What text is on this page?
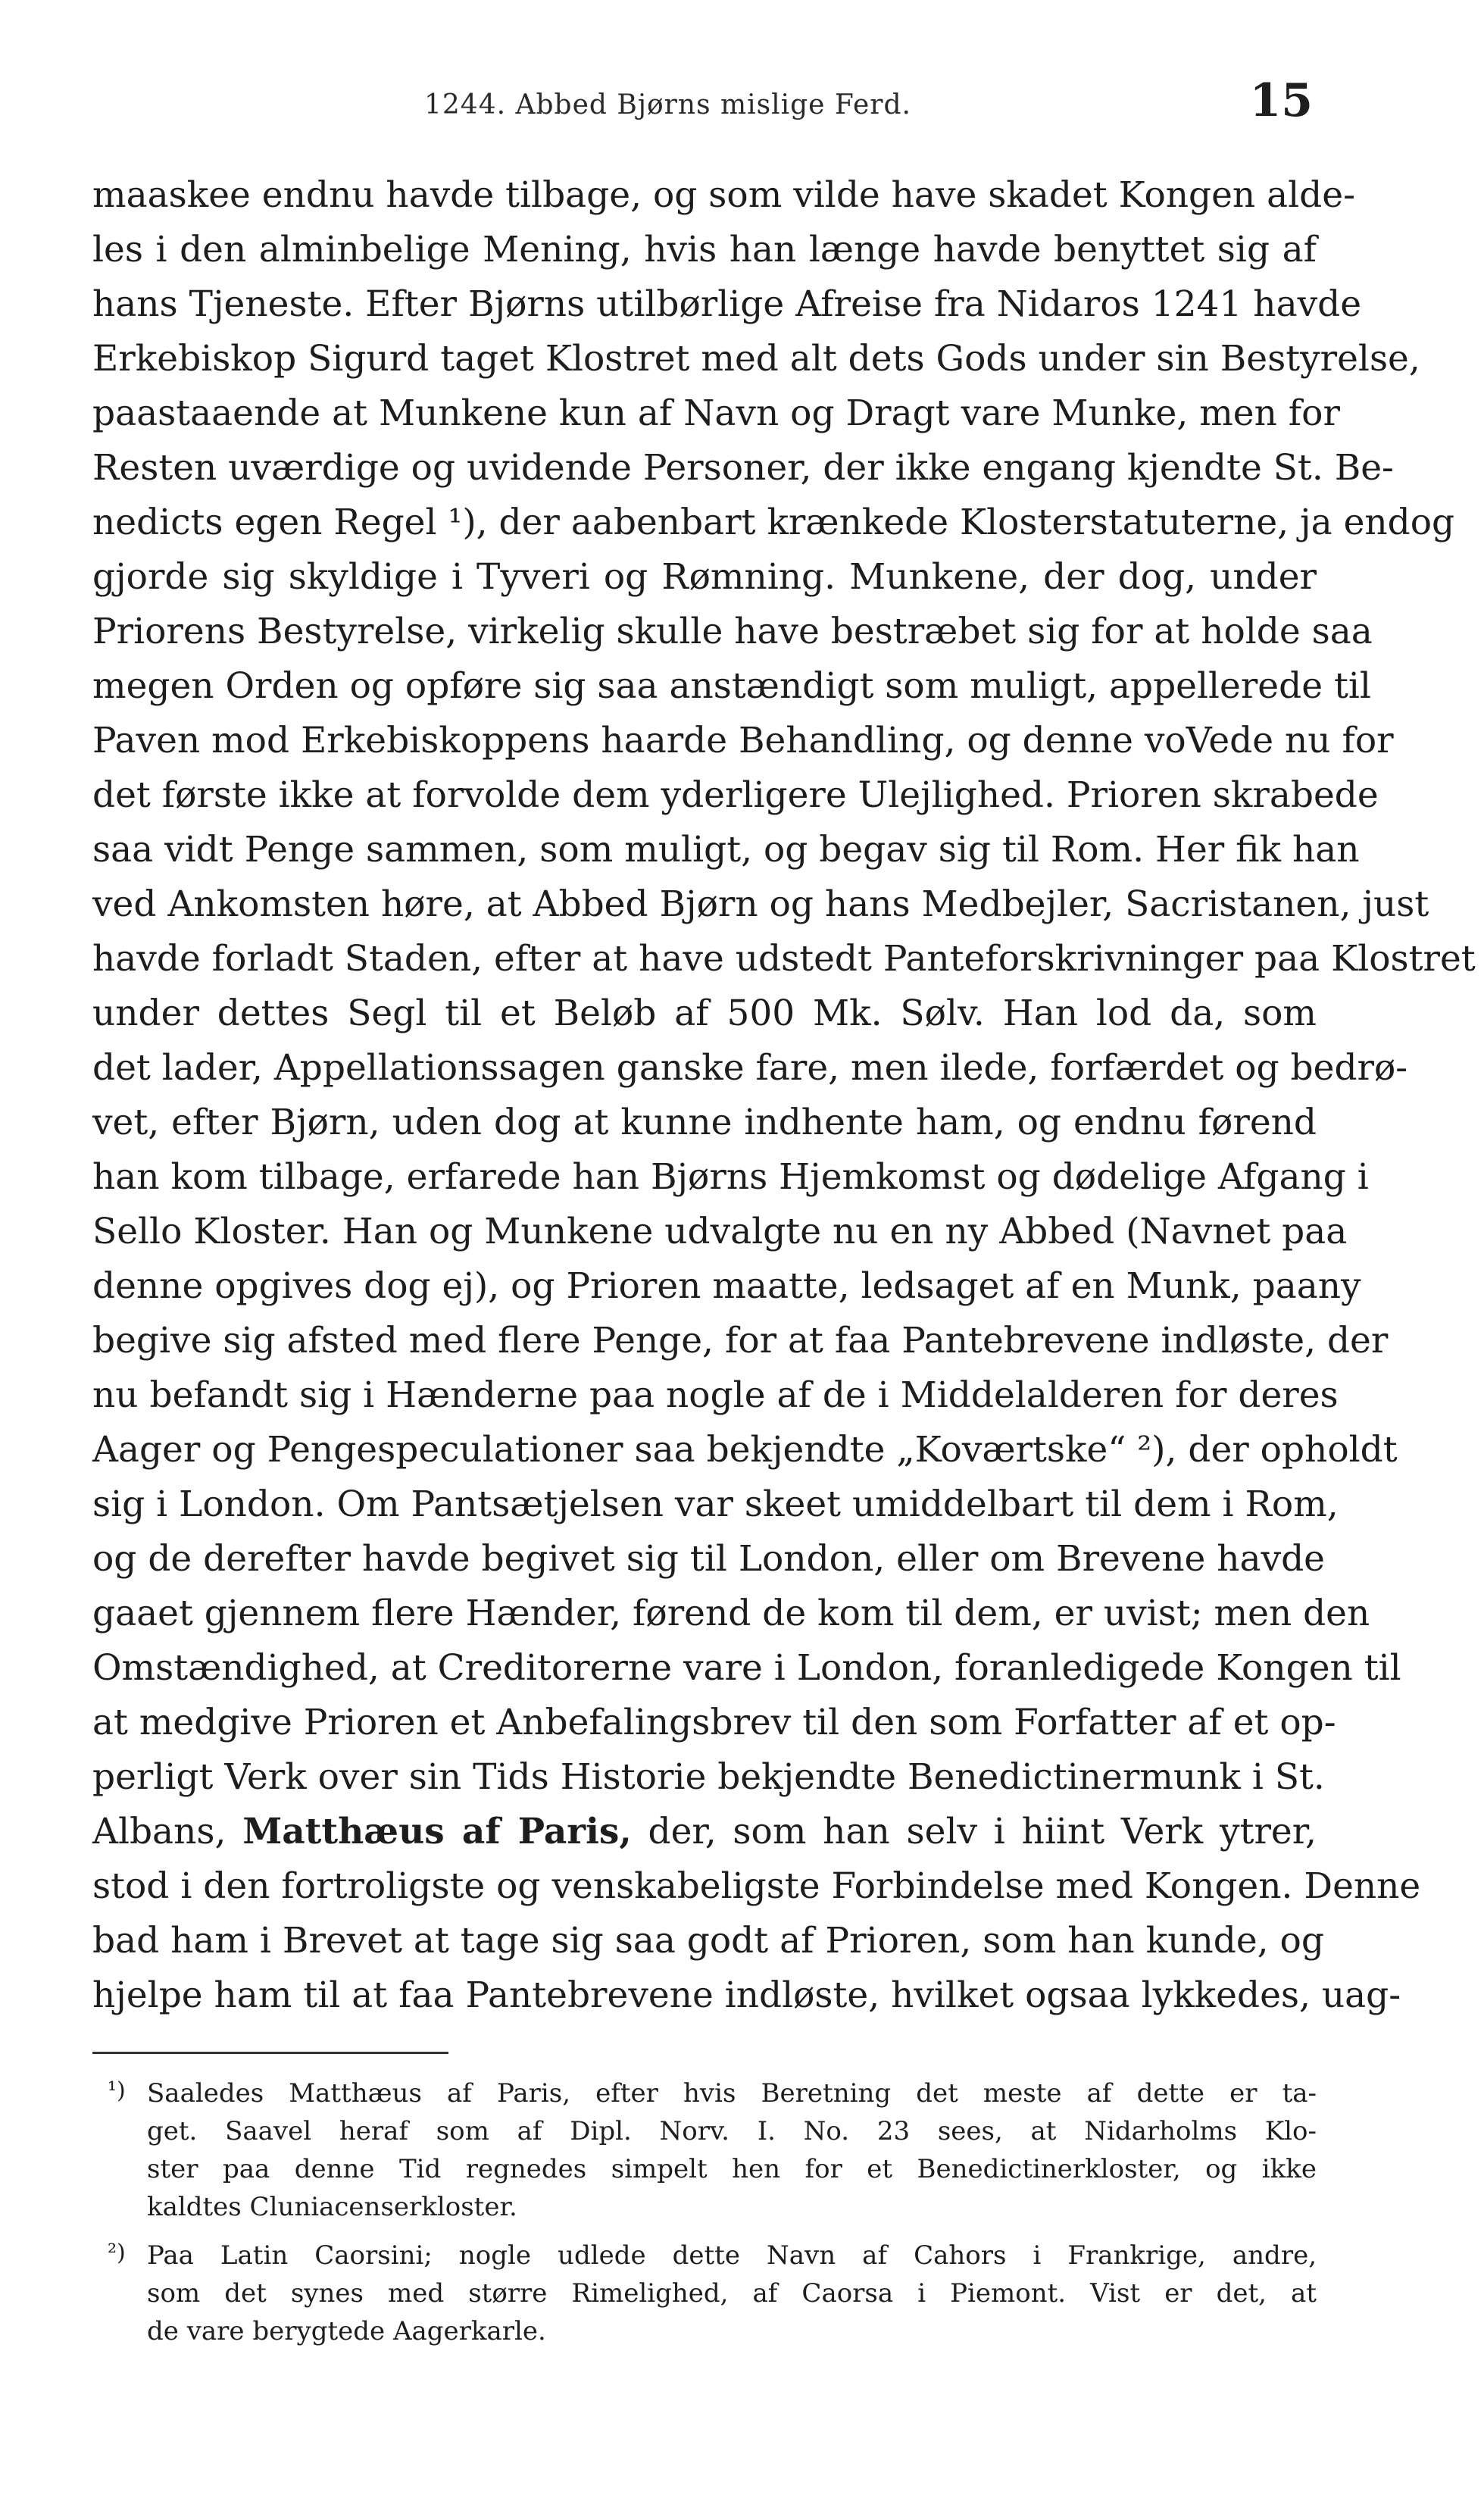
1244. Abbed Bjørns mislige Ferd.	15
maaskee endnu havde tilbage, og som vilde have skadet Kongen alde-
les i den alminbelige Mening, hvis han længe havde benyttet sig af
hans Tjeneste. Efter Bjørns utilbørlige Afreise fra Nidaros 1241 havde
Erkebiskop Sigurd taget Klostret med alt dets Gods under sin Bestyrelse,
paastaaende at Munkene kun af Navn og Dragt vare Munke, men for
Resten uværdige og uvidende Personer, der ikke engang kjendte St. Be-
nedicts egen Regel ¹), der aabenbart krænkede Klosterstatuterne, ja endog
gjorde sig skyldige i Tyveri og Rømning. Munkene, der dog, under
Priorens Bestyrelse, virkelig skulle have bestræbet sig for at holde saa
megen Orden og opføre sig saa anstændigt som muligt, appellerede til
Paven mod Erkebiskoppens haarde Behandling, og denne voVede nu for
det første ikke at forvolde dem yderligere Ulejlighed. Prioren skrabede
saa vidt Penge sammen, som muligt, og begav sig til Rom. Her fik han
ved Ankomsten høre, at Abbed Bjørn og hans Medbejler, Sacristanen, just
havde forladt Staden, efter at have udstedt Panteforskrivninger paa Klostret
under dettes Segl til et Beløb af 500 Mk. Sølv. Han lod da, som
det lader, Appellationssagen ganske fare, men ilede, forfærdet og bedrø-
vet, efter Bjørn, uden dog at kunne indhente ham, og endnu førend
han kom tilbage, erfarede han Bjørns Hjemkomst og dødelige Afgang i
Sello Kloster. Han og Munkene udvalgte nu en ny Abbed (Navnet paa
denne opgives dog ej), og Prioren maatte, ledsaget af en Munk, paany
begive sig afsted med flere Penge, for at faa Pantebrevene indløste, der
nu befandt sig i Hænderne paa nogle af de i Middelalderen for deres
Aager og Pengespeculationer saa bekjendte „Koværtske“ ²), der opholdt
sig i London. Om Pantsætjelsen var skeet umiddelbart til dem i Rom,
og de derefter havde begivet sig til London, eller om Brevene havde
gaaet gjennem flere Hænder, førend de kom til dem, er uvist; men den
Omstændighed, at Creditorerne vare i London, foranledigede Kongen til
at medgive Prioren et Anbefalingsbrev til den som Forfatter af et op-
perligt Verk over sin Tids Historie bekjendte Benedictinermunk i St.
Albans, Matthæus af Paris, der, som han selv i hiint Verk ytrer,
stod i den fortroligste og venskabeligste Forbindelse med Kongen. Denne
bad ham i Brevet at tage sig saa godt af Prioren, som han kunde, og
hjelpe ham til at faa Pantebrevene indløste, hvilket ogsaa lykkedes, uag-
¹) Saaledes Matthæus af Paris, efter hvis Beretning det meste af dette er ta-
get. Saavel heraf som af Dipl. Norv. I. No. 23 sees, at Nidarholms Klo-
ster paa denne Tid regnedes simpelt hen for et Benedictinerkloster, og ikke
kaldtes Cluniacenserkloster.
²) Paa Latin Caorsini; nogle udlede dette Navn af Cahors i Frankrige, andre,
som det synes med større Rimelighed, af Caorsa i Piemont. Vist er det, at
de vare berygtede Aagerkarle.
